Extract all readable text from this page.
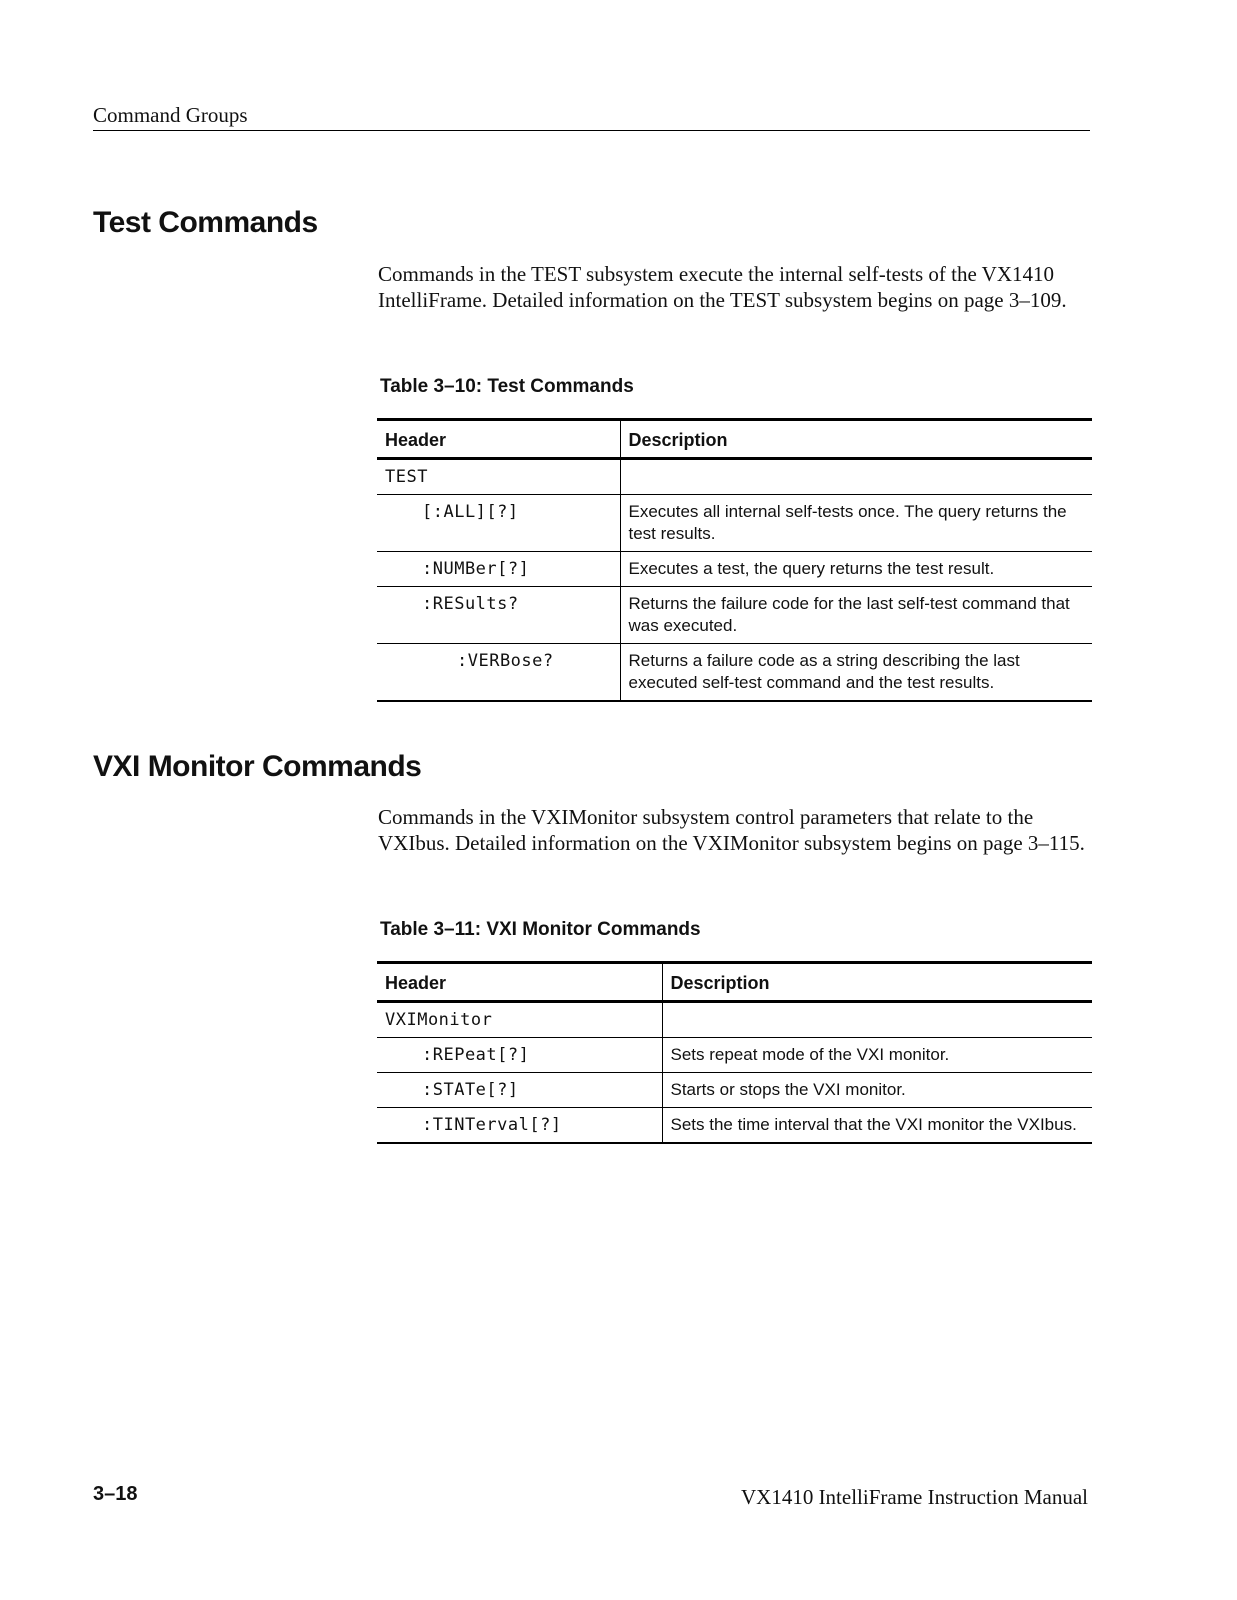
Command Groups
Test Commands
Commands in the TEST subsystem execute the internal self-tests of the VX1410 IntelliFrame. Detailed information on the TEST subsystem begins on page 3–109.
Table 3–10: Test Commands
Header	Description
TEST	
[:ALL][?]	Executes all internal self-tests once. The query returns the test results.
:NUMBer[?]	Executes a test, the query returns the test result.
:RESults?	Returns the failure code for the last self-test command that was executed.
:VERBose?	Returns a failure code as a string describing the last executed self-test command and the test results.
VXI Monitor Commands
Commands in the VXIMonitor subsystem control parameters that relate to the VXIbus. Detailed information on the VXIMonitor subsystem begins on page 3–115.
Table 3–11: VXI Monitor Commands
Header	Description
VXIMonitor	
:REPeat[?]	Sets repeat mode of the VXI monitor.
:STATe[?]	Starts or stops the VXI monitor.
:TINTerval[?]	Sets the time interval that the VXI monitor the VXIbus.
3–18	VX1410 IntelliFrame Instruction Manual
